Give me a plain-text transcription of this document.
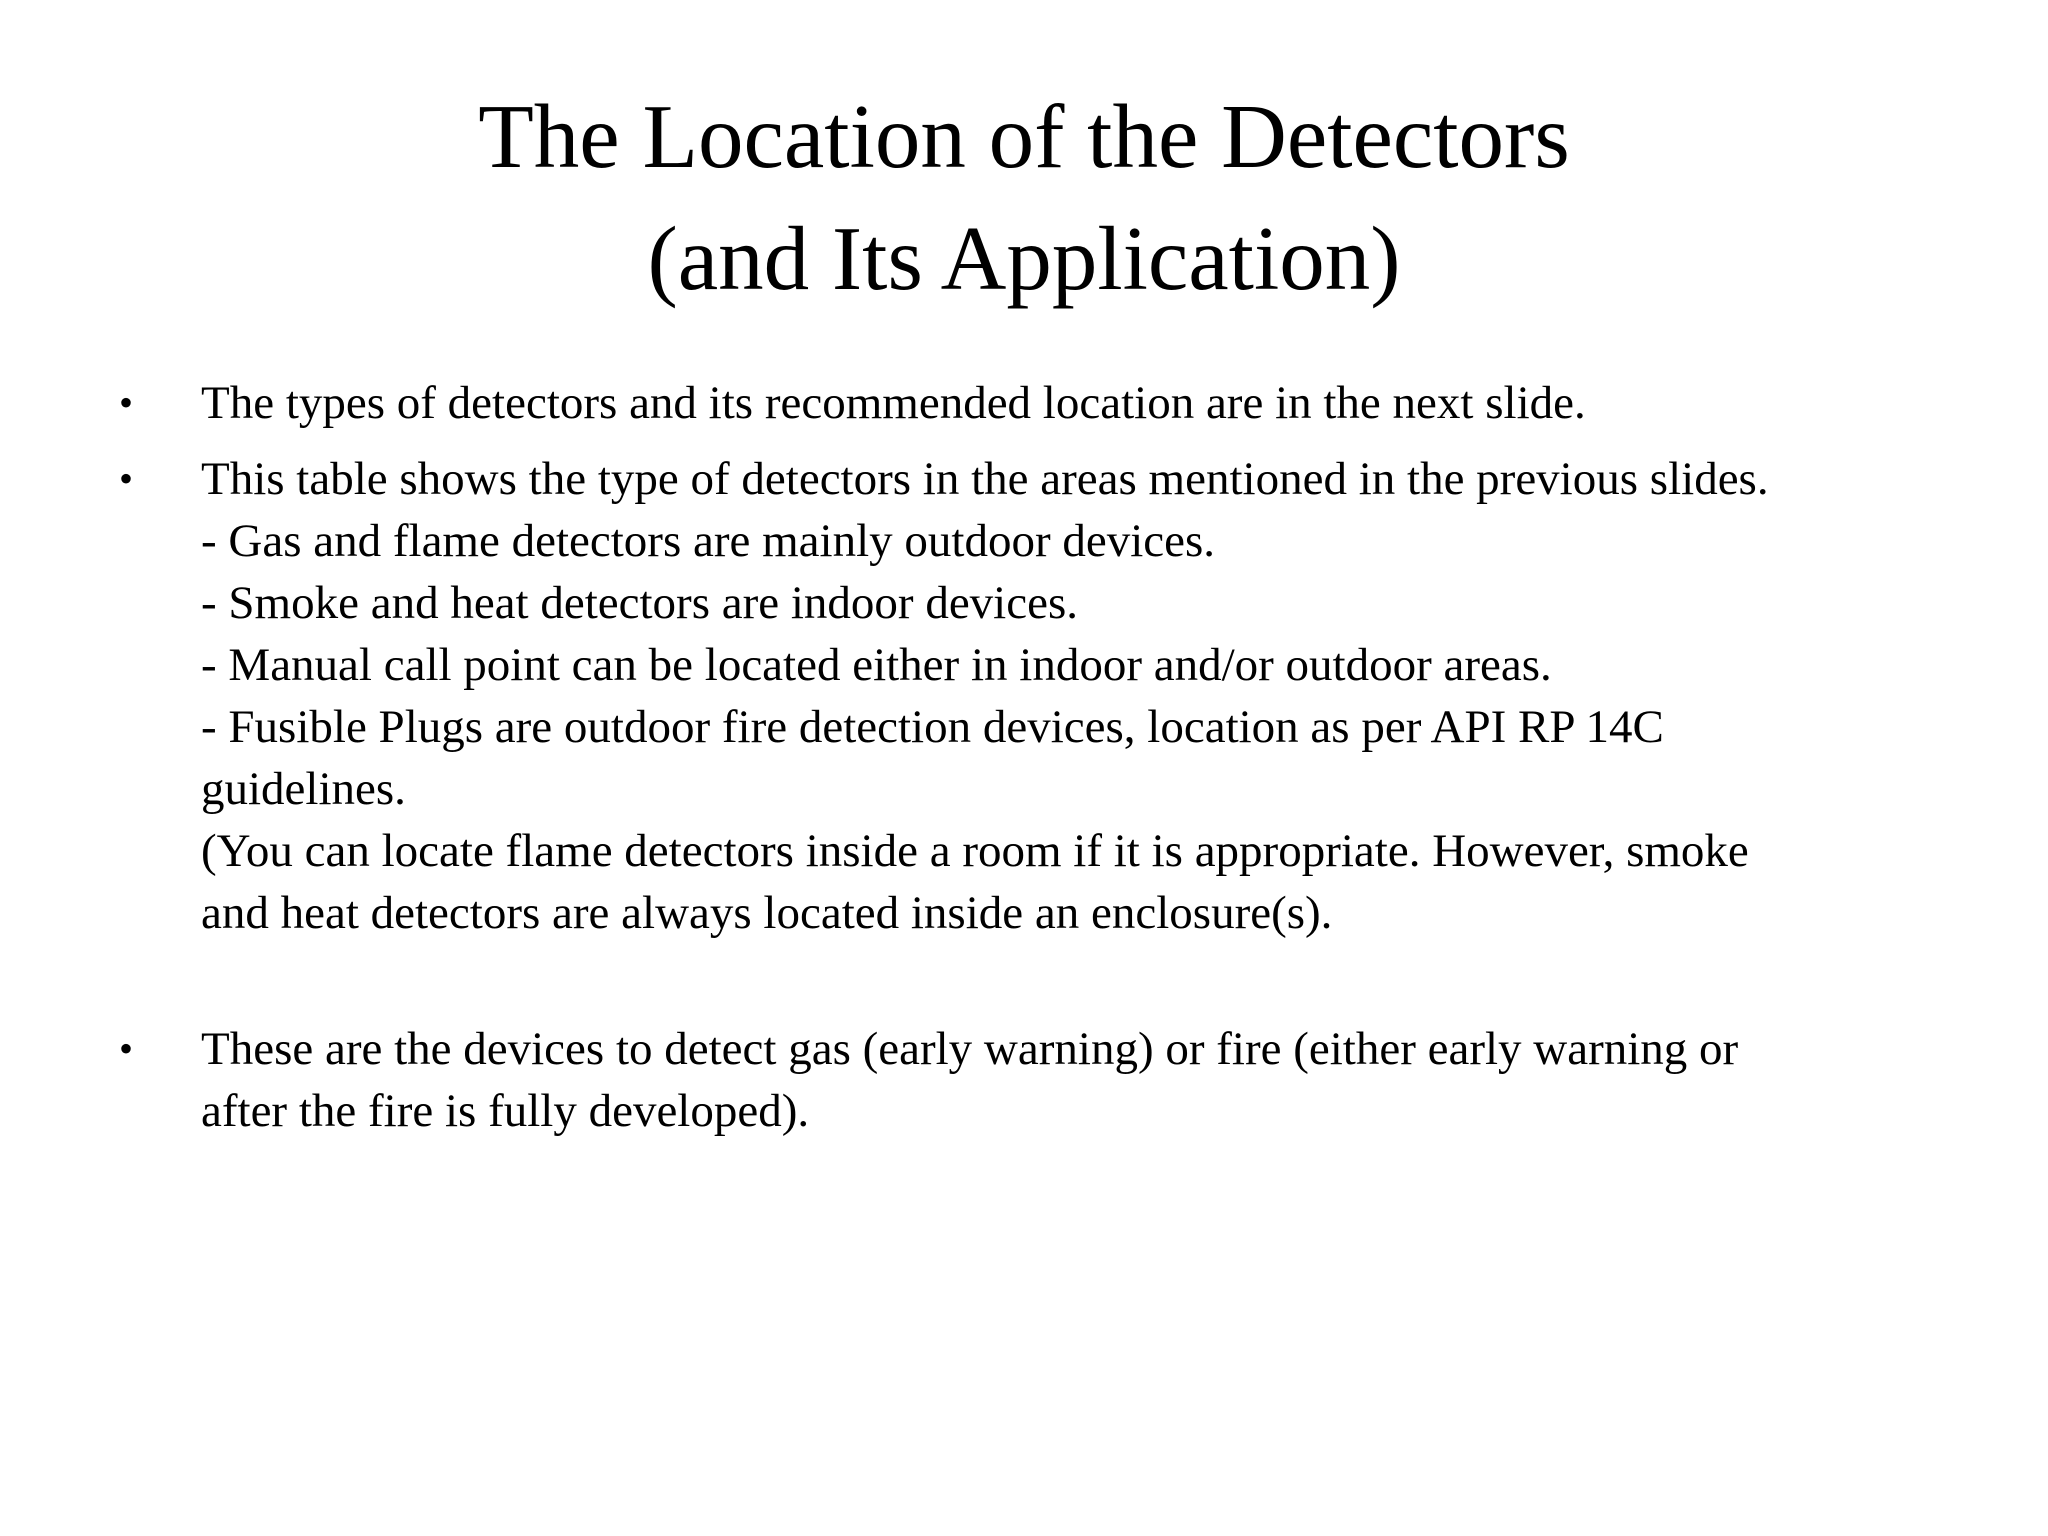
The Location of the Detectors
(and Its Application)
•	The types of detectors and its recommended location are in the next slide.
•	This table shows the type of detectors in the areas mentioned in the previous slides.
- Gas and flame detectors are mainly outdoor devices.
- Smoke and heat detectors are indoor devices.
- Manual call point can be located either in indoor and/or outdoor areas.
- Fusible Plugs are outdoor fire detection devices, location as per API RP 14C
guidelines.
(You can locate flame detectors inside a room if it is appropriate. However, smoke
and heat detectors are always located inside an enclosure(s).
•	These are the devices to detect gas (early warning) or fire (either early warning or
after the fire is fully developed).
